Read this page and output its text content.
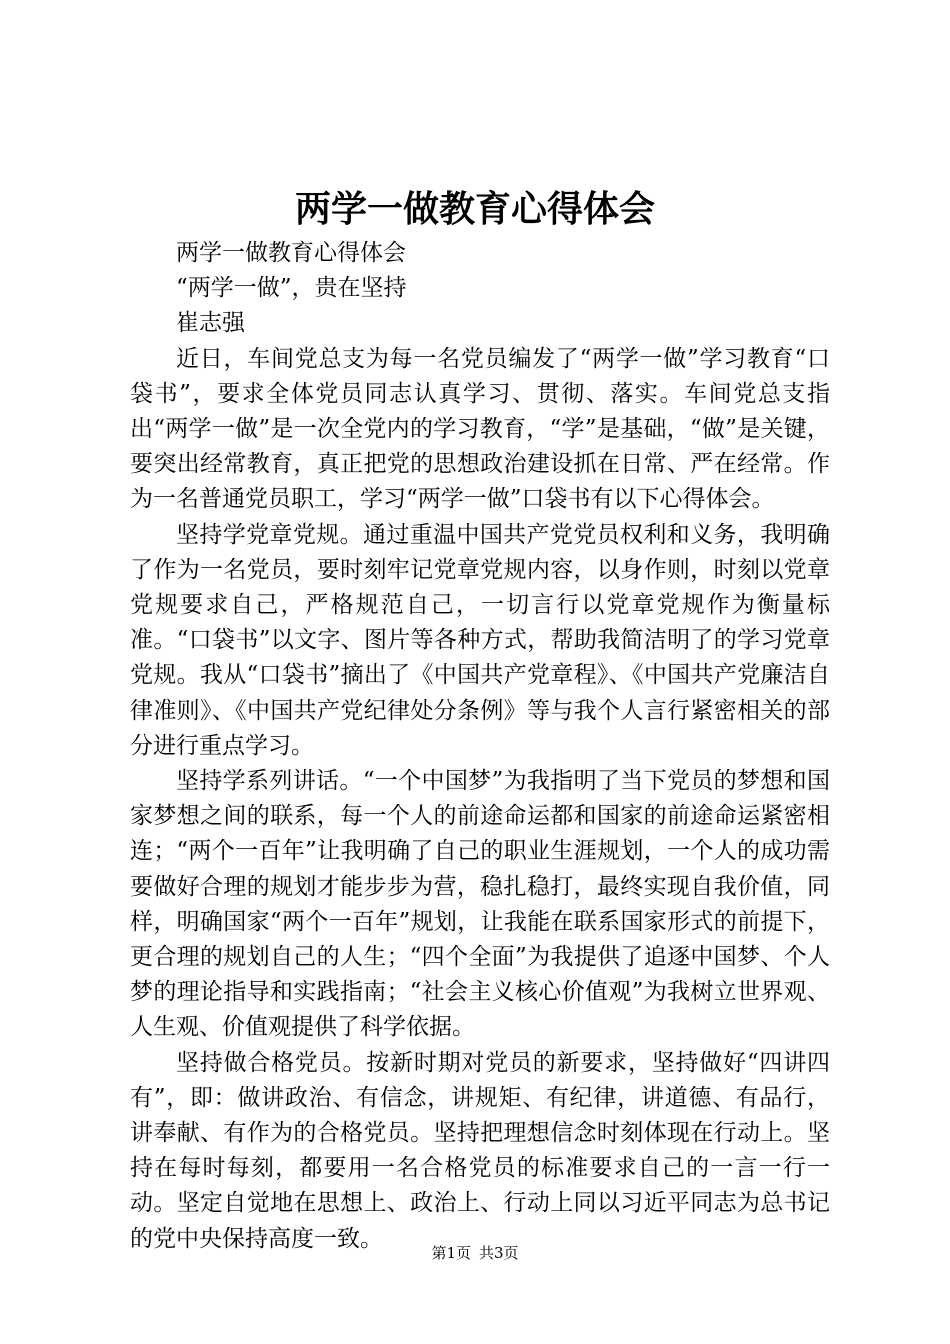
两学一做教育心得体会

两学一做教育心得体会

“两学一做”，贵在坚持

崔志强

近日，车间党总支为每一名党员编发了“两学一做”学习教育“口袋书”，要求全体党员同志认真学习、贯彻、落实。车间党总支指出“两学一做”是一次全党内的学习教育，“学”是基础，“做”是关键，要突出经常教育，真正把党的思想政治建设抓在日常、严在经常。作为一名普通党员职工，学习“两学一做”口袋书有以下心得体会。

坚持学党章党规。通过重温中国共产党党员权利和义务，我明确了作为一名党员，要时刻牢记党章党规内容，以身作则，时刻以党章党规要求自己，严格规范自己，一切言行以党章党规作为衡量标准。“口袋书”以文字、图片等各种方式，帮助我简洁明了的学习党章党规。我从“口袋书”摘出了《中国共产党章程》、《中国共产党廉洁自律准则》、《中国共产党纪律处分条例》等与我个人言行紧密相关的部分进行重点学习。

坚持学系列讲话。“一个中国梦”为我指明了当下党员的梦想和国家梦想之间的联系，每一个人的前途命运都和国家的前途命运紧密相连；“两个一百年”让我明确了自己的职业生涯规划，一个人的成功需要做好合理的规划才能步步为营，稳扎稳打，最终实现自我价值，同样，明确国家“两个一百年”规划，让我能在联系国家形式的前提下，更合理的规划自己的人生；“四个全面”为我提供了追逐中国梦、个人梦的理论指导和实践指南；“社会主义核心价值观”为我树立世界观、人生观、价值观提供了科学依据。

坚持做合格党员。按新时期对党员的新要求，坚持做好“四讲四有”，即：做讲政治、有信念，讲规矩、有纪律，讲道德、有品行，讲奉献、有作为的合格党员。坚持把理想信念时刻体现在行动上。坚持在每时每刻，都要用一名合格党员的标准要求自己的一言一行一动。坚定自觉地在思想上、政治上、行动上同以习近平同志为总书记的党中央保持高度一致。

第1页 共3页
